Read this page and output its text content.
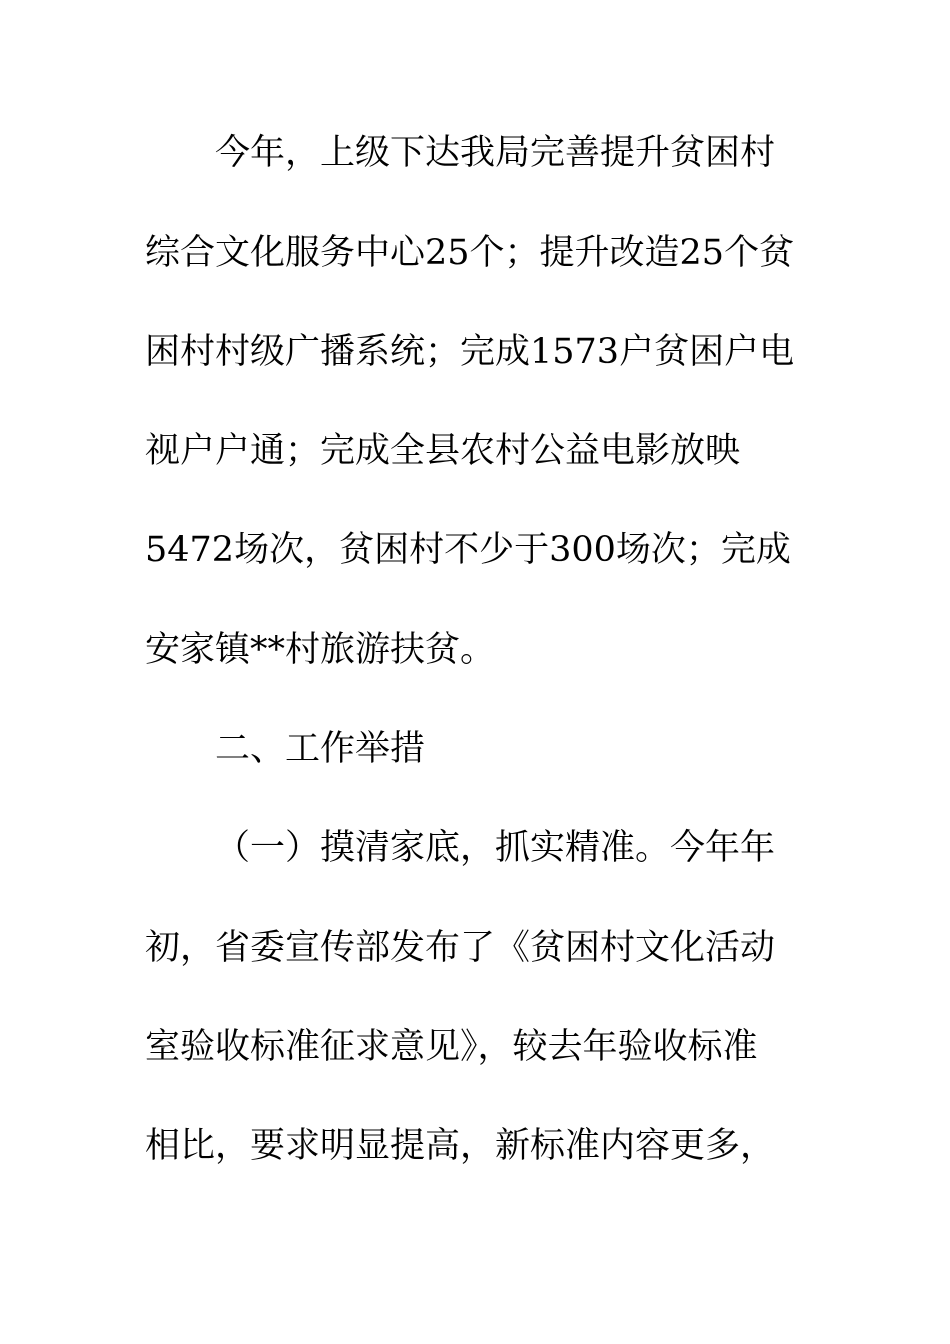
今年，上级下达我局完善提升贫困村
综合文化服务中心25个；提升改造25个贫
困村村级广播系统；完成1573户贫困户电
视户户通；完成全县农村公益电影放映
5472场次，贫困村不少于300场次；完成
安家镇**村旅游扶贫。
二、工作举措
（一）摸清家底，抓实精准。今年年
初，省委宣传部发布了《贫困村文化活动
室验收标准征求意见》，较去年验收标准
相比，要求明显提高，新标准内容更多，
